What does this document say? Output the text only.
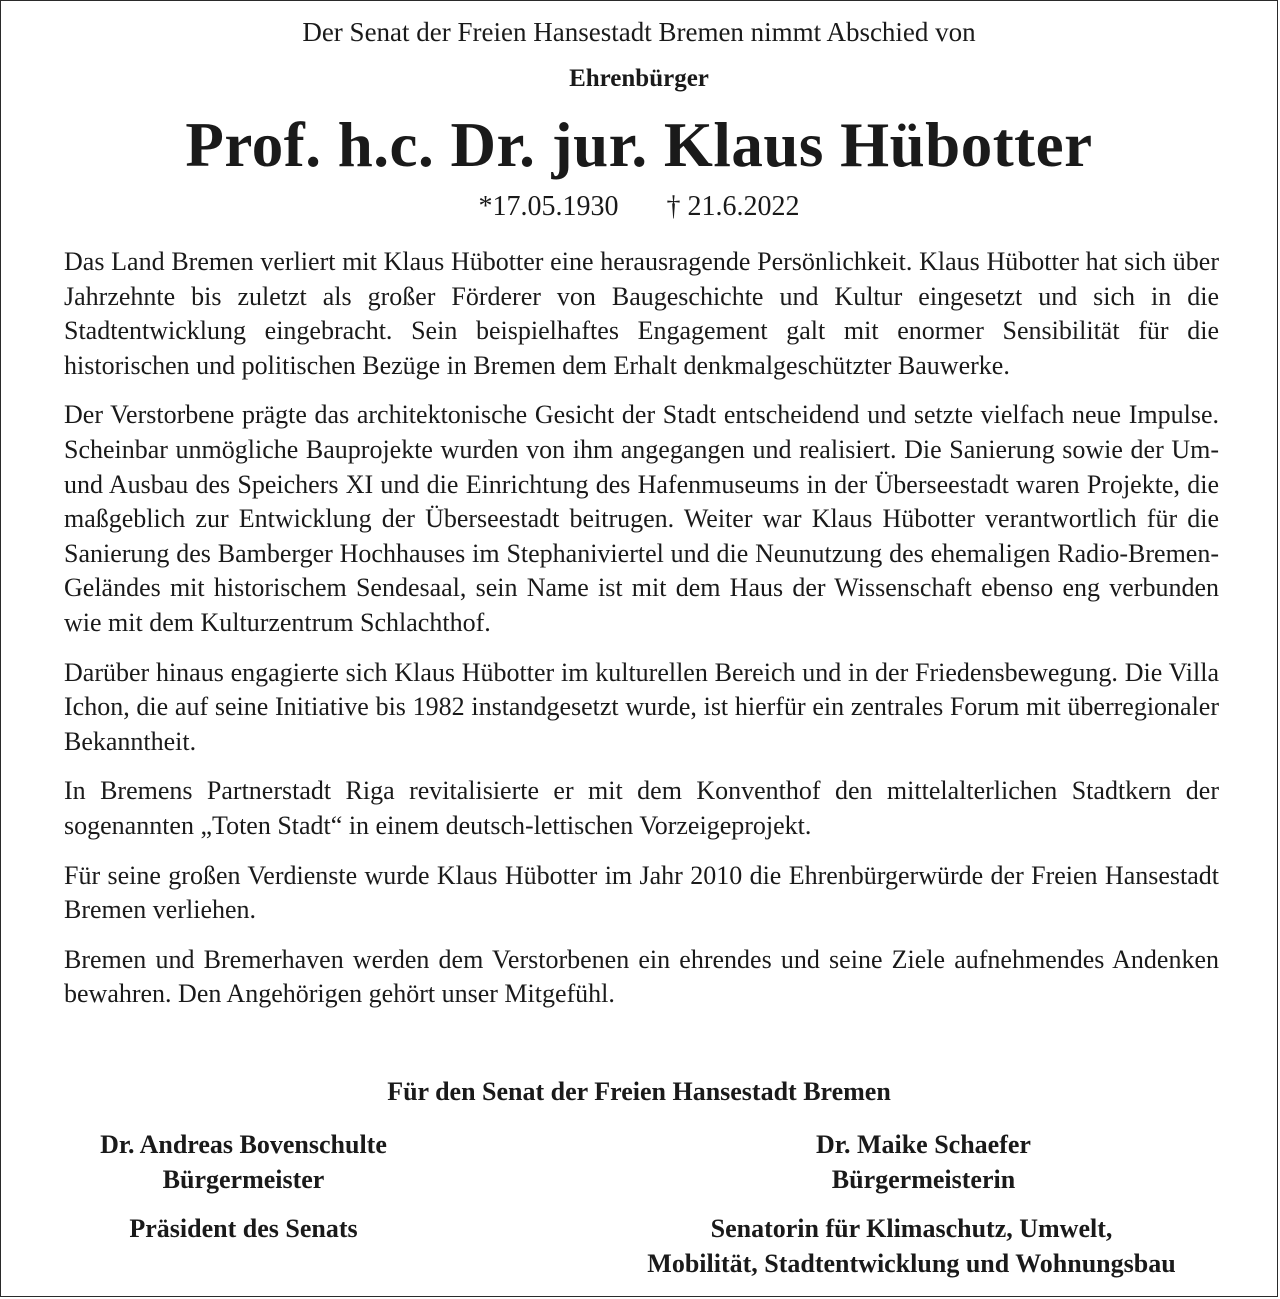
Der Senat der Freien Hansestadt Bremen nimmt Abschied von
Ehrenbürger
Prof. h.c. Dr. jur. Klaus Hübotter
*17.05.1930 † 21.6.2022

Das Land Bremen verliert mit Klaus Hübotter eine herausragende Persönlichkeit. Klaus Hübotter hat sich über Jahrzehnte bis zuletzt als großer Förderer von Baugeschichte und Kultur eingesetzt und sich in die Stadtentwicklung eingebracht. Sein beispielhaftes Engagement galt mit enormer Sensibilität für die historischen und politischen Bezüge in Bremen dem Erhalt denkmalgeschützter Bauwerke.

Der Verstorbene prägte das architektonische Gesicht der Stadt entscheidend und setzte vielfach neue Impulse. Scheinbar unmögliche Bauprojekte wurden von ihm angegangen und realisiert. Die Sanierung sowie der Um- und Ausbau des Speichers XI und die Einrichtung des Hafenmuseums in der Überseestadt waren Projekte, die maßgeblich zur Entwicklung der Überseestadt beitrugen. Weiter war Klaus Hübotter verantwortlich für die Sanierung des Bamberger Hochhauses im Stephaniviertel und die Neunutzung des ehemaligen Radio-Bremen-Geländes mit historischem Sendesaal, sein Name ist mit dem Haus der Wissenschaft ebenso eng verbunden wie mit dem Kulturzentrum Schlachthof.

Darüber hinaus engagierte sich Klaus Hübotter im kulturellen Bereich und in der Friedensbewegung. Die Villa Ichon, die auf seine Initiative bis 1982 instandgesetzt wurde, ist hierfür ein zentrales Forum mit überregionaler Bekanntheit.

In Bremens Partnerstadt Riga revitalisierte er mit dem Konventhof den mittelalterlichen Stadtkern der sogenannten „Toten Stadt“ in einem deutsch-lettischen Vorzeigeprojekt.

Für seine großen Verdienste wurde Klaus Hübotter im Jahr 2010 die Ehrenbürgerwürde der Freien Hansestadt Bremen verliehen.

Bremen und Bremerhaven werden dem Verstorbenen ein ehrendes und seine Ziele aufnehmendes Andenken bewahren. Den Angehörigen gehört unser Mitgefühl.

Für den Senat der Freien Hansestadt Bremen
Dr. Andreas Bovenschulte
Bürgermeister
Dr. Maike Schaefer
Bürgermeisterin
Präsident des Senats	Senatorin für Klimaschutz, Umwelt,
Mobilität, Stadtentwicklung und Wohnungsbau
